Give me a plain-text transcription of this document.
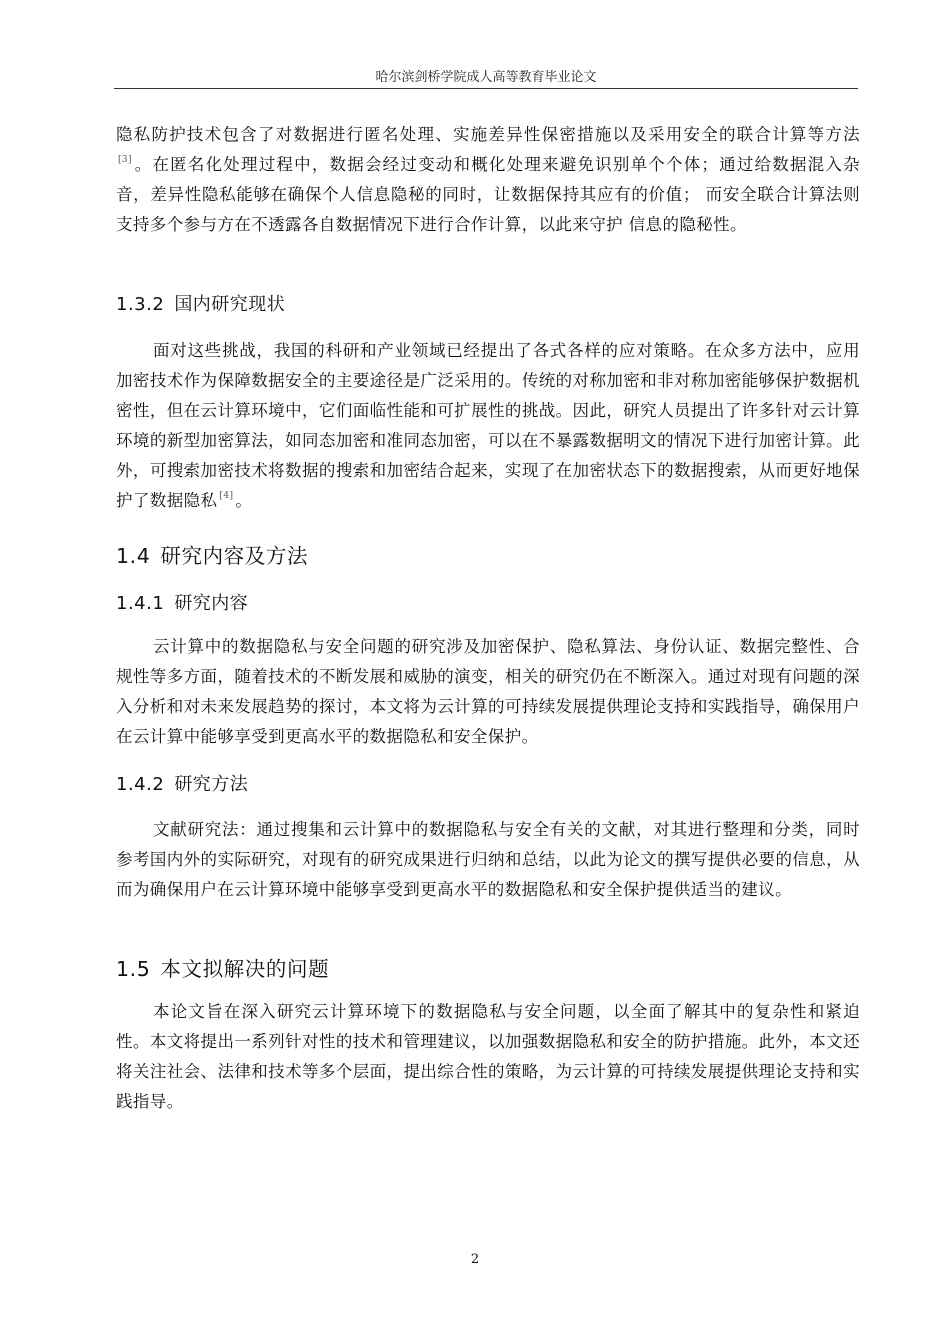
哈尔滨剑桥学院成人高等教育毕业论文

隐私防护技术包含了对数据进行匿名处理、实施差异性保密措施以及采用安全的联合计算等方法[3] 。在匿名化处理过程中，数据会经过变动和概化处理来避免识别单个个体；通过给数据混入杂音，差异性隐私能够在确保个人信息隐秘的同时，让数据保持其应有的价值； 而安全联合计算法则支持多个参与方在不透露各自数据情况下进行合作计算，以此来守护 信息的隐秘性。

1.3.2 国内研究现状

面对这些挑战，我国的科研和产业领域已经提出了各式各样的应对策略。在众多方法中，应用加密技术作为保障数据安全的主要途径是广泛采用的。传统的对称加密和非对称加密能够保护数据机密性，但在云计算环境中，它们面临性能和可扩展性的挑战。因此，研究人员提出了许多针对云计算环境的新型加密算法，如同态加密和准同态加密，可以在不暴露数据明文的情况下进行加密计算。此外，可搜索加密技术将数据的搜索和加密结合起来，实现了在加密状态下的数据搜索，从而更好地保护了数据隐私 [4] 。

1.4 研究内容及方法
1.4.1 研究内容

云计算中的数据隐私与安全问题的研究涉及加密保护、隐私算法、身份认证、数据完整性、合规性等多方面，随着技术的不断发展和威胁的演变，相关的研究仍在不断深入。通过对现有问题的深入分析和对未来发展趋势的探讨，本文将为云计算的可持续发展提供理论支持和实践指导，确保用户在云计算中能够享受到更高水平的数据隐私和安全保护。

1.4.2 研究方法

文献研究法：通过搜集和云计算中的数据隐私与安全有关的文献，对其进行整理和分类，同时参考国内外的实际研究，对现有的研究成果进行归纳和总结，以此为论文的撰写提供必要的信息，从而为确保用户在云计算环境中能够享受到更高水平的数据隐私和安全保护提供适当的建议。

1.5 本文拟解决的问题

本论文旨在深入研究云计算环境下的数据隐私与安全问题，以全面了解其中的复杂性和紧迫性。本文将提出一系列针对性的技术和管理建议，以加强数据隐私和安全的防护措施。此外，本文还将关注社会、法律和技术等多个层面，提出综合性的策略，为云计算的可持续发展提供理论支持和实践指导。

2
